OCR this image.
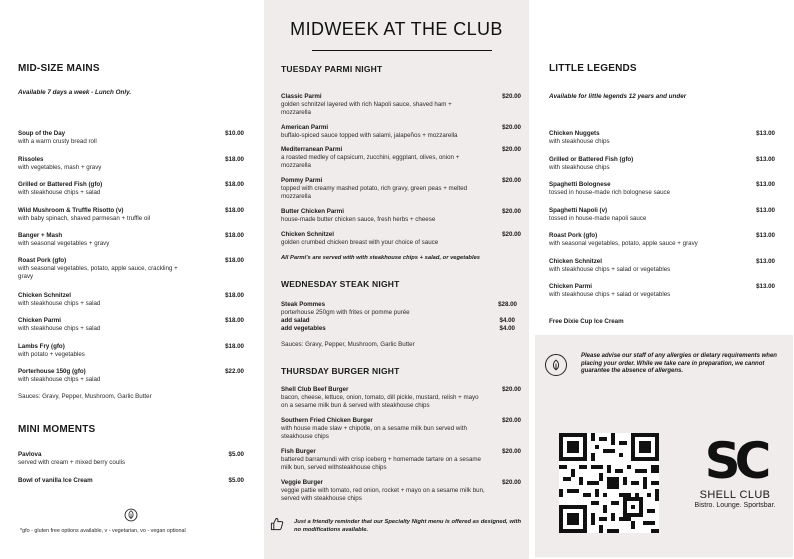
MID-SIZE MAINS
Available 7 days a week - Lunch Only.
Soup of the Day
with a warm crusty bread roll
$10.00
Rissoles
with vegetables, mash + gravy
$18.00
Grilled or Battered Fish (gfo)
with steakhouse chips + salad
$18.00
Wild Mushroom & Truffle Risotto (v)
with baby spinach, shaved parmesan + truffle oil
$18.00
Banger + Mash
with seasonal vegetables + gravy
$18.00
Roast Pork (gfo)
with seasonal vegetables, potato, apple sauce, crackling + gravy
$18.00
Chicken Schnitzel
with steakhouse chips + salad
$18.00
Chicken Parmi
with steakhouse chips + salad
$18.00
Lambs Fry (gfo)
with potato + vegetables
$18.00
Porterhouse 150g (gfo)
with steakhouse chips + salad
$22.00
Sauces: Gravy, Pepper, Mushroom, Garlic Butter
MINI MOMENTS
Pavlova
served with cream + mixed berry coulis
$5.00
Bowl of vanilla Ice Cream	$5.00
*gfo - gluten free options available, v - vegetarian, vo - vegan optional
MIDWEEK AT THE CLUB
TUESDAY PARMI NIGHT
Classic Parmi
golden schnitzel layered with rich Napoli sauce, shaved ham + mozzarella
$20.00
American Parmi
buffalo-spiced sauce topped with salami, jalapeños + mozzarella
$20.00
Mediterranean Parmi
a roasted medley of capsicum, zucchini, eggplant, olives, onion + mozzarella
$20.00
Pommy Parmi
topped with creamy mashed potato, rich gravy, green peas + melted mozzarella
$20.00
Butter Chicken Parmi
house-made butter chicken sauce, fresh herbs + cheese
$20.00
Chicken Schnitzel
golden crumbed chicken breast with your choice of sauce
$20.00
All Parmi's are served with with steakhouse chips + salad, or vegetables
WEDNESDAY STEAK NIGHT
Steak Pommes
porterhouse 250gm with frites or pomme purée
$28.00
add salad	$4.00
add vegetables	$4.00
Sauces: Gravy, Pepper, Mushroom, Garlic Butter
THURSDAY BURGER NIGHT
Shell Club Beef Burger
bacon, cheese, lettuce, onion, tomato, dill pickle, mustard, relish + mayo on a sesame milk bun & served with steakhouse chips
$20.00
Southern Fried Chicken Burger
with house made slaw + chipotle, on a sesame milk bun served with steakhouse chips
$20.00
Fish Burger
battered barramundi with crisp iceberg + homemade tartare on a sesame milk bun, served withsteakhouse chips
$20.00
Veggie Burger
veggie pattie with tomato, red onion, rocket + mayo on a sesame milk bun, served with steakhouse chips
$20.00
Just a friendly reminder that our Specialty Night menu is offered as designed, with no modifications available.
LITTLE LEGENDS
Available for little legends 12 years and under
Chicken Nuggets
with steakhouse chips
$13.00
Grilled or Battered Fish (gfo)
with steakhouse chips
$13.00
Spaghetti Bolognese
tossed in house-made rich bolognese sauce
$13.00
Spaghetti Napoli (v)
tossed in house-made napoli sauce
$13.00
Roast Pork (gfo)
with seasonal vegetables, potato, apple sauce + gravy
$13.00
Chicken Schnitzel
with steakhouse chips + salad or vegetables
$13.00
Chicken Parmi
with steakhouse chips + salad or vegetables
$13.00
Free Dixie Cup Ice Cream
Please advise our staff of any allergies or dietary requirements when placing your order. While we take care in preparation, we cannot guarantee the absence of allergens.
SC
SHELL CLUB
Bistro. Lounge. Sportsbar.
